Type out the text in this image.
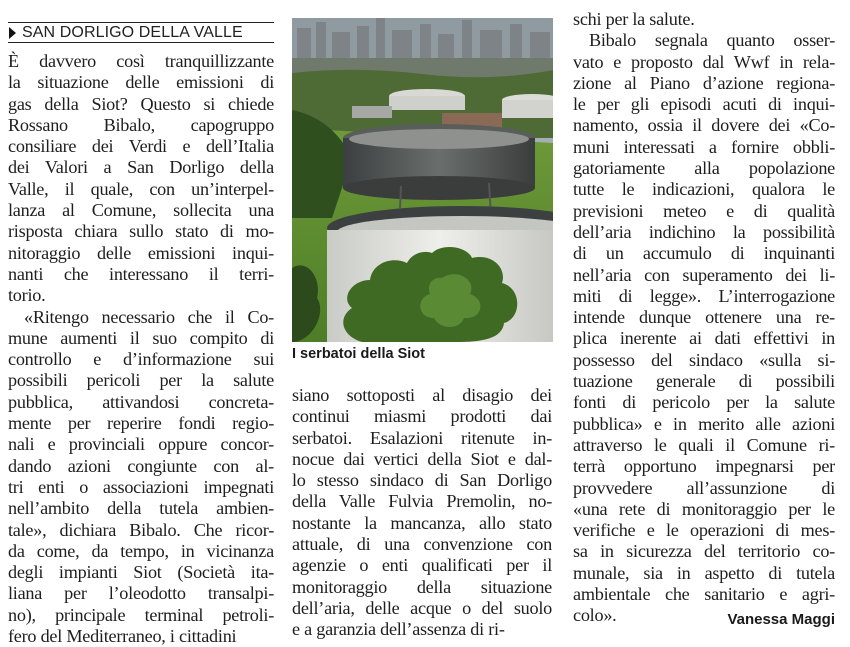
SAN DORLIGO DELLA VALLE

È davvero così tranquillizzante
la situazione delle emissioni di
gas della Siot? Questo si chiede
Rossano Bibalo, capogruppo
consiliare dei Verdi e dell’Italia
dei Valori a San Dorligo della
Valle, il quale, con un’interpel-
lanza al Comune, sollecita una
risposta chiara sullo stato di mo-
nitoraggio delle emissioni inqui-
nanti che interessano il terri-
torio.

«Ritengo necessario che il Co-
mune aumenti il suo compito di
controllo e d’informazione sui
possibili pericoli per la salute
pubblica, attivandosi concreta-
mente per reperire fondi regio-
nali e provinciali oppure concor-
dando azioni congiunte con al-
tri enti o associazioni impegnati
nell’ambito della tutela ambien-
tale», dichiara Bibalo. Che ricor-
da come, da tempo, in vicinanza
degli impianti Siot (Società ita-
liana per l’oleodotto transalpi-
no), principale terminal petroli-
fero del Mediterraneo, i cittadini

I serbatoi della Siot

siano sottoposti al disagio dei
continui miasmi prodotti dai
serbatoi. Esalazioni ritenute in-
nocue dai vertici della Siot e dal-
lo stesso sindaco di San Dorligo
della Valle Fulvia Premolin, no-
nostante la mancanza, allo stato
attuale, di una convenzione con
agenzie o enti qualificati per il
monitoraggio della situazione
dell’aria, delle acque o del suolo
e a garanzia dell’assenza di ri-

schi per la salute.

Bibalo segnala quanto osser-
vato e proposto dal Wwf in rela-
zione al Piano d’azione regiona-
le per gli episodi acuti di inqui-
namento, ossia il dovere dei «Co-
muni interessati a fornire obbli-
gatoriamente alla popolazione
tutte le indicazioni, qualora le
previsioni meteo e di qualità
dell’aria indichino la possibilità
di un accumulo di inquinanti
nell’aria con superamento dei li-
miti di legge». L’interrogazione
intende dunque ottenere una re-
plica inerente ai dati effettivi in
possesso del sindaco «sulla si-
tuazione generale di possibili
fonti di pericolo per la salute
pubblica» e in merito alle azioni
attraverso le quali il Comune ri-
terrà opportuno impegnarsi per
provvedere all’assunzione di
«una rete di monitoraggio per le
verifiche e le operazioni di mes-
sa in sicurezza del territorio co-
munale, sia in aspetto di tutela
ambientale che sanitario e agri-
colo».	Vanessa Maggi
